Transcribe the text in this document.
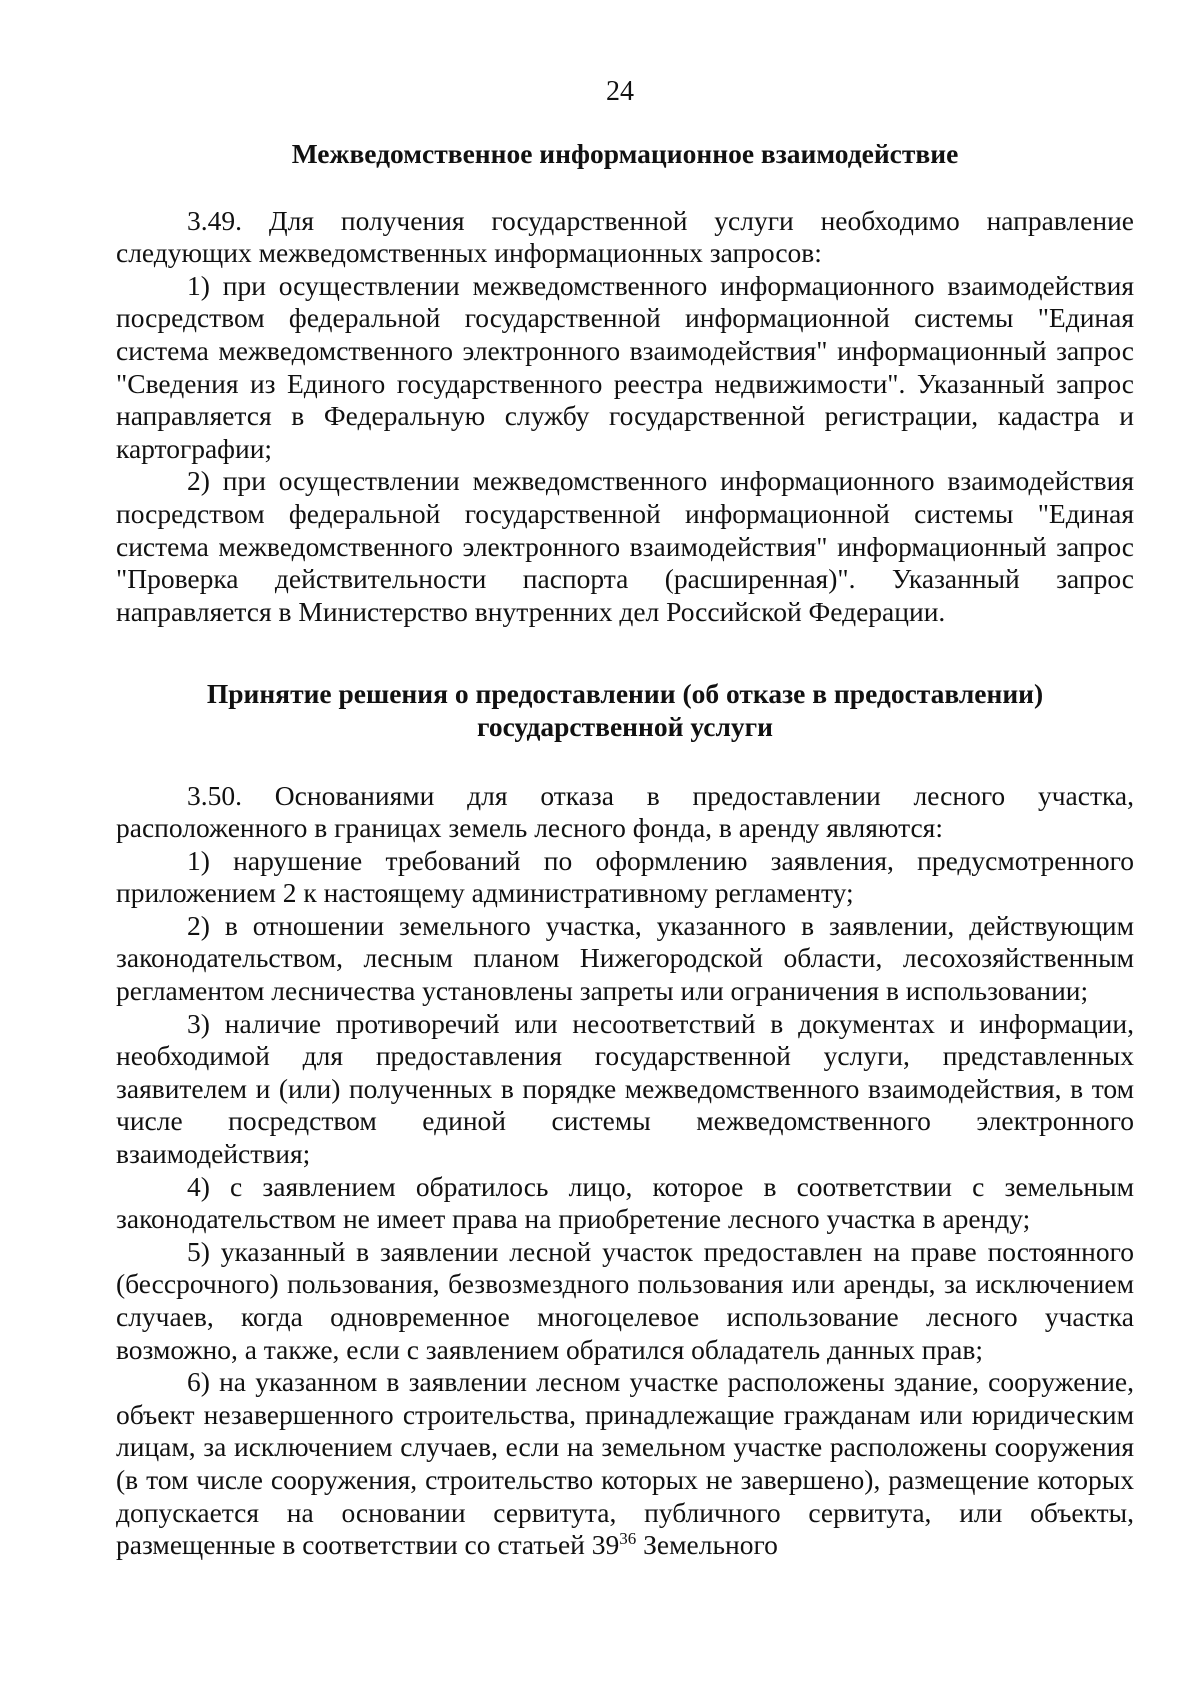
24

Межведомственное информационное взаимодействие

3.49. Для получения государственной услуги необходимо направление следующих межведомственных информационных запросов:

1) при осуществлении межведомственного информационного взаимодействия посредством федеральной государственной информационной системы "Единая система межведомственного электронного взаимодействия" информационный запрос "Сведения из Единого государственного реестра недвижимости". Указанный запрос направляется в Федеральную службу государственной регистрации, кадастра и картографии;

2) при осуществлении межведомственного информационного взаимодействия посредством федеральной государственной информационной системы "Единая система межведомственного электронного взаимодействия" информационный запрос "Проверка действительности паспорта (расширенная)". Указанный запрос направляется в Министерство внутренних дел Российской Федерации.

Принятие решения о предоставлении (об отказе в предоставлении)
государственной услуги

3.50. Основаниями для отказа в предоставлении лесного участка, расположенного в границах земель лесного фонда, в аренду являются:

1) нарушение требований по оформлению заявления, предусмотренного приложением 2 к настоящему административному регламенту;

2) в отношении земельного участка, указанного в заявлении, действующим законодательством, лесным планом Нижегородской области, лесохозяйственным регламентом лесничества установлены запреты или ограничения в использовании;

3) наличие противоречий или несоответствий в документах и информации, необходимой для предоставления государственной услуги, представленных заявителем и (или) полученных в порядке межведомственного взаимодействия, в том числе посредством единой системы межведомственного электронного взаимодействия;

4) с заявлением обратилось лицо, которое в соответствии с земельным законодательством не имеет права на приобретение лесного участка в аренду;

5) указанный в заявлении лесной участок предоставлен на праве постоянного (бессрочного) пользования, безвозмездного пользования или аренды, за исключением случаев, когда одновременное многоцелевое использование лесного участка возможно, а также, если с заявлением обратился обладатель данных прав;

6) на указанном в заявлении лесном участке расположены здание, сооружение, объект незавершенного строительства, принадлежащие гражданам или юридическим лицам, за исключением случаев, если на земельном участке расположены сооружения (в том числе сооружения, строительство которых не завершено), размещение которых допускается на основании сервитута, публичного сервитута, или объекты, размещенные в соответствии со статьей $39^{36}$ Земельного
